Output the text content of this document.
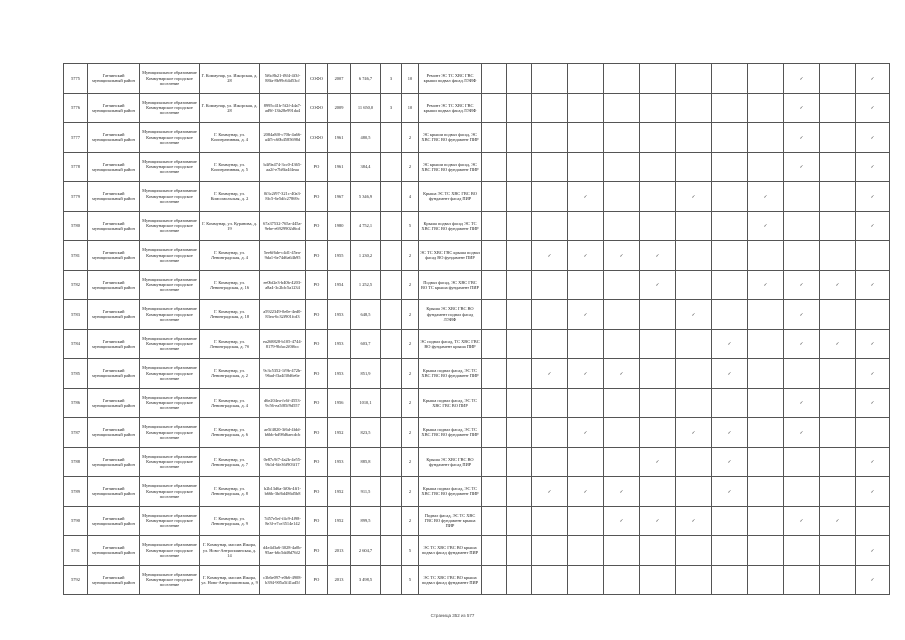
5775	Гатчинский муниципальный район	Муниципальное образование Коммунарское городское поселение	Г. Коммунар, ул. Ижорская, д. 28	5f6c8b21-f8f4-4f3f-88fa-8b99c64d53cf	СОФО	2007	6 746,7	3	10	Ремонт ЭС ТС ХВС ГВС крыши подвал фасад ЛЭИФ										✓		✓
5776	Гатчинский муниципальный район	Муниципальное образование Коммунарское городское поселение	Г. Коммунар, ул. Ижорская, д. 28	8995c41b-5f2f-4da7-ad9f-13b28e991da4	СОФО	2009	11 650,0	3	10	Ремонт ЭС ТС ХВС ГВС крыши подвал фасад ЛЭИФ										✓		✓
5777	Гатчинский муниципальный район	Муниципальное образование Коммунарское городское поселение	Г. Коммунар, ул. Кооперативная, д. 4	2084a8f0-c70b-4a66-a4f5-c60b4585698d	СОФО	1961	480,5		2	ЭС крыши подвал фасад, ЭС ХВС ГВС ВО фундамент ПИР										✓		✓
5778	Гатчинский муниципальный район	Муниципальное образование Коммунарское городское поселение	Г. Коммунар, ул. Кооперативная, д. 5	b4f9a474-3cc0-4365-aa2f-e7b8fa4f4eaa	РО	1961	384,4		2	ЭС крыши подвал фасад, ЭС ХВС ГВС ВО фундамент ПИР										✓		✓
5779	Гатчинский муниципальный район	Муниципальное образование Коммунарское городское поселение	Г. Коммунар, ул. Комсомольская, д. 2	0f3c2f97-321c-40a3-8fc5-6e5dfc27869c	РО	1967	5 346,9		4	Крыша ЭС ТС ХВС ГВС ВО фундамент фасад ПИР				✓			✓		✓			✓
5780	Гатчинский муниципальный район	Муниципальное образование Коммунарское городское поселение	Г. Коммунар, ул. Куранова, д. 19	67a37532-765a-445a-9ebe-e6929902d6cd	РО	1980	4 752,1		5	Крыша подвал фасад ЭС ТС ХВС ГВС ВО фундамент ПИР									✓			✓
5781	Гатчинский муниципальный район	Муниципальное образование Коммунарское городское поселение	Г. Коммунар, ул. Ленинградская, д. 4	5ee6f6de-c4d1-45ea-9da1-6e74d6a64b95	РО	1955	1 230,2		2	ЭС ТС ХВС ГВС крыша подвал фасад ВО фундамент ПИР			✓	✓	✓	✓						
5782	Гатчинский муниципальный район	Муниципальное образование Коммунарское городское поселение	Г. Коммунар, ул. Ленинградская, д. 16	ee0bf2e3-b40b-4203-a8a4-3c2bfc5a1234	РО	1954	1 252,5		2	Подвал фасад, ЭС ХВС ГВС ВО ТС крыша фундамент ПИР						✓			✓	✓	✓	✓
5783	Гатчинский муниципальный район	Муниципальное образование Коммунарское городское поселение	Г. Коммунар, ул. Ленинградская, д. 18	a5922349-0e0e-4ed0-83ea-6c32f901fcd3	РО	1953	648,5		2	Крыша ЭС ХВС ГВС ВО фундамент подвал фасад ЛЭИФ				✓			✓			✓		
5784	Гатчинский муниципальный район	Муниципальное образование Коммунарское городское поселение	Г. Коммунар, ул. Ленинградская, д. 7б	ea268828-b105-4744-8179-9bfac2f0f6cc	РО	1953	603,7		2	ЭС подвал фасад, ТС ХВС ГВС ВО фундамент крыша ПИР								✓		✓	✓	✓
5785	Гатчинский муниципальный район	Муниципальное образование Коммунарское городское поселение	Г. Коммунар, ул. Ленинградская, д. 2	9c3c5352-1f9b-472b-96ad-f3a4f30d6e6e	РО	1953	851,9		2	Крыша подвал фасад, ЭС ТС ХВС ГВС ВО фундамент ПИР			✓	✓	✓			✓				✓
5786	Гатчинский муниципальный район	Муниципальное образование Коммунарское городское поселение	Г. Коммунар, ул. Ленинградская, д. 4	d6e204ea-fc6f-4553-9c56-ea5f85f9d557	РО	1956	1010,1		2	Крыша подвал фасад, ЭС ТС ХВС ГВС ВО ПИР										✓		✓
5787	Гатчинский муниципальный район	Муниципальное образование Коммунарское городское поселение	Г. Коммунар, ул. Ленинградская, д. 6	ae5f4820-3f6d-4fdd-b6bb-bd98d6aecdcb	РО	1952	823,5		2	Крыша подвал фасад, ЭС ТС ХВС ГВС ВО фундамент ПИР				✓			✓	✓		✓		
5788	Гатчинский муниципальный район	Муниципальное образование Коммунарское городское поселение	Г. Коммунар, ул. Ленинградская, д. 7	0e87c9f7-4a2b-4e55-9b1d-6fe36f903f17	РО	1953	885,8		2	Крыша ЭС ХВС ГВС ВО фундамент фасад ПИР						✓		✓				✓
5789	Гатчинский муниципальный район	Муниципальное образование Коммунарское городское поселение	Г. Коммунар, ул. Ленинградская, д. 8	b2b13d6a-3f0b-4ff1-b66b-3bf6d486d5b8	РО	1952	911,5		2	Крыша подвал фасад, ЭС ТС ХВС ГВС ВО фундамент ПИР			✓	✓	✓			✓				✓
5790	Гатчинский муниципальный район	Муниципальное образование Коммунарское городское поселение	Г. Коммунар, ул. Ленинградская, д. 9	7d57e5ef-f4c9-4f98-8e3f-e7ce3514e142	РО	1952	899,5		2	Подвал фасад, ЭС ТС ХВС ГВС ВО фундамент крыша ПИР					✓	✓	✓			✓	✓	
5791	Гатчинский муниципальный район	Муниципальное образование Коммунарское городское поселение	Г. Коммунар, массив Ижора, ул. Ново-Антропшинская, д. 14	d4e4d3a6-3028-4a0b-95ae-b6c5dd8d76f2	РО	2013	2 604,7		5	ЭС ТС ХВС ГВС ВО крыша подвал фасад фундамент ПИР												✓
5792	Гатчинский муниципальный район	Муниципальное образование Коммунарское городское поселение	Г. Коммунар, массив Ижора, ул. Ново-Антропшинская, д. 9	c3b6e097-e0b6-4908-b394-905a5f41ad5f	РО	2013	3 498,5		5	ЭС ТС ХВС ГВС ВО крыша подвал фасад фундамент ПИР												✓
Страница 352 из 577
